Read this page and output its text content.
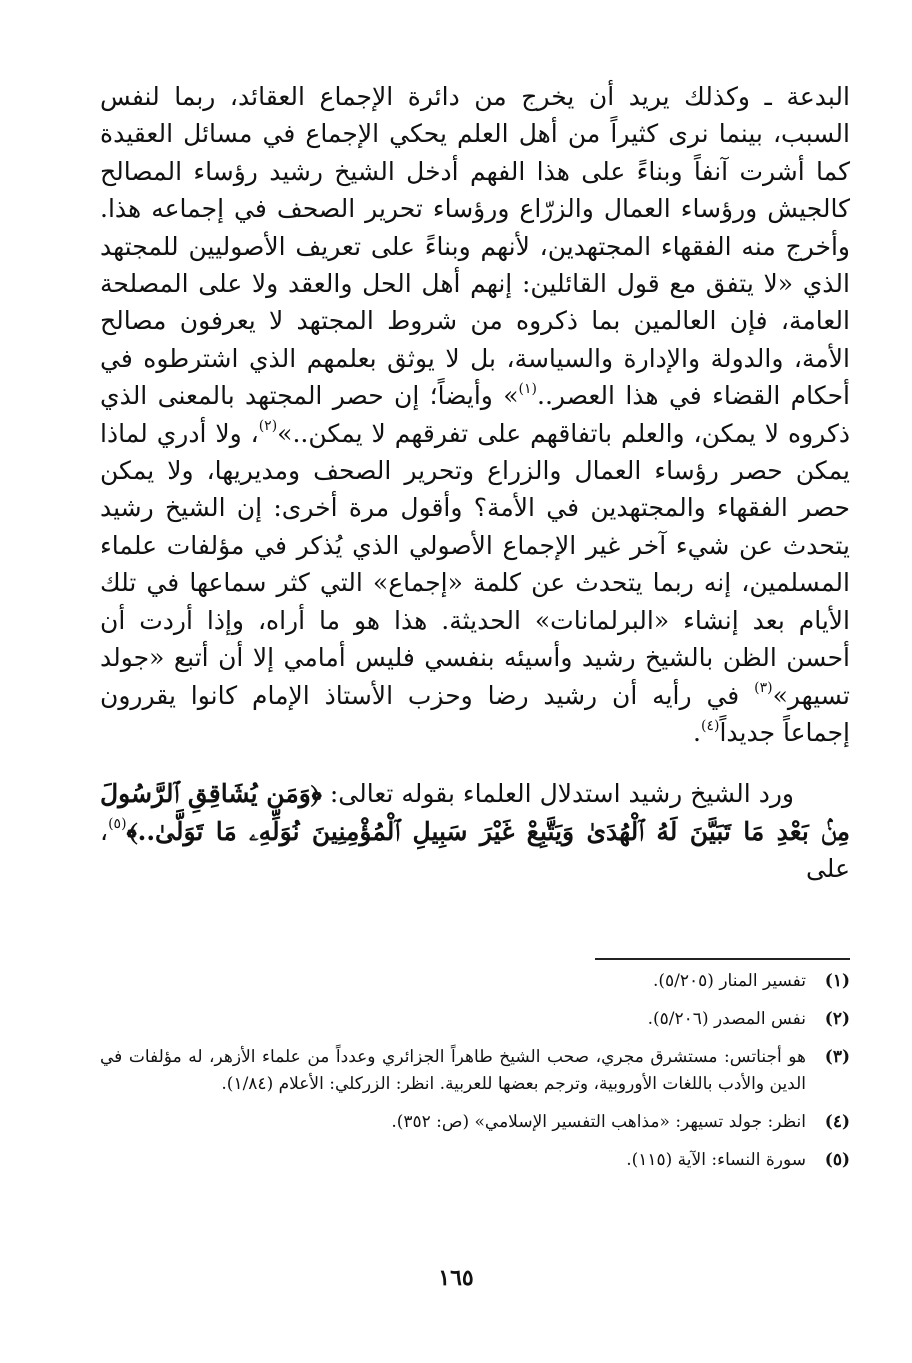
البدعة ـ وكذلك يريد أن يخرج من دائرة الإجماع العقائد، ربما لنفس السبب، بينما نرى كثيراً من أهل العلم يحكي الإجماع في مسائل العقيدة كما أشرت آنفاً وبناءً على هذا الفهم أدخل الشيخ رشيد رؤساء المصالح كالجيش ورؤساء العمال والزرّاع ورؤساء تحرير الصحف في إجماعه هذا. وأخرج منه الفقهاء المجتهدين، لأنهم وبناءً على تعريف الأصوليين للمجتهد الذي «لا يتفق مع قول القائلين: إنهم أهل الحل والعقد ولا على المصلحة العامة، فإن العالمين بما ذكروه من شروط المجتهد لا يعرفون مصالح الأمة، والدولة والإدارة والسياسة، بل لا يوثق بعلمهم الذي اشترطوه في أحكام القضاء في هذا العصر..$^{(١)}$» وأيضاً؛ إن حصر المجتهد بالمعنى الذي ذكروه لا يمكن، والعلم باتفاقهم على تفرقهم لا يمكن..»$^{(٢)}$، ولا أدري لماذا يمكن حصر رؤساء العمال والزراع وتحرير الصحف ومديريها، ولا يمكن حصر الفقهاء والمجتهدين في الأمة؟ وأقول مرة أخرى: إن الشيخ رشيد يتحدث عن شيء آخر غير الإجماع الأصولي الذي يُذكر في مؤلفات علماء المسلمين، إنه ربما يتحدث عن كلمة «إجماع» التي كثر سماعها في تلك الأيام بعد إنشاء «البرلمانات» الحديثة. هذا هو ما أراه، وإذا أردت أن أحسن الظن بالشيخ رشيد وأسيئه بنفسي فليس أمامي إلا أن أتبع «جولد تسيهر»$^{(٣)}$ في رأيه أن رشيد رضا وحزب الأستاذ الإمام كانوا يقررون إجماعاً جديداً$^{(٤)}$.

ورد الشيخ رشيد استدلال العلماء بقوله تعالى: ﴿وَمَن يُشَاقِقِ ٱلرَّسُولَ مِنۢ بَعْدِ مَا تَبَيَّنَ لَهُ ٱلْهُدَىٰ وَيَتَّبِعْ غَيْرَ سَبِيلِ ٱلْمُؤْمِنِينَ نُوَلِّهِۦ مَا تَوَلَّىٰ..﴾$^{(٥)}$، على

(١)
تفسير المنار (٥/٢٠٥).
(٢)
نفس المصدر (٥/٢٠٦).
(٣)
هو أجناتس: مستشرق مجري، صحب الشيخ طاهراً الجزائري وعدداً من علماء الأزهر، له مؤلفات في الدين والأدب باللغات الأوروبية، وترجم بعضها للعربية. انظر: الزركلي: الأعلام (١/٨٤).
(٤)
انظر: جولد تسيهر: «مذاهب التفسير الإسلامي» (ص: ٣٥٢).
(٥)
سورة النساء: الآية (١١٥).
١٦٥
